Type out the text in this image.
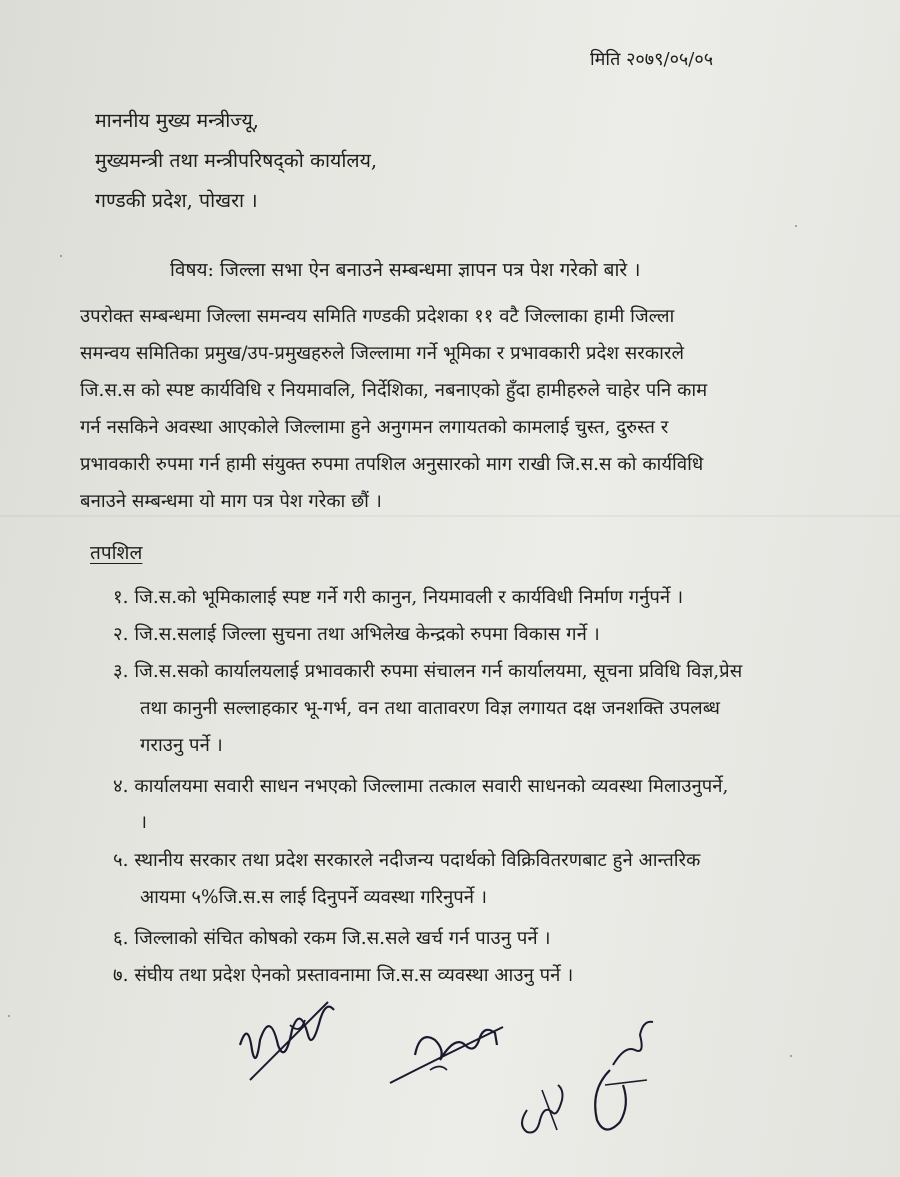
मिति २०७९/०५/०५
माननीय मुख्य मन्त्रीज्यू,
मुख्यमन्त्री तथा मन्त्रीपरिषद्को कार्यालय,
गण्डकी प्रदेश, पोखरा ।
विषय: जिल्ला सभा ऐन बनाउने सम्बन्धमा ज्ञापन पत्र पेश गरेको बारे ।
उपरोक्त सम्बन्धमा जिल्ला समन्वय समिति गण्डकी प्रदेशका ११ वटै जिल्लाका हामी जिल्ला
समन्वय समितिका प्रमुख/उप-प्रमुखहरुले जिल्लामा गर्ने भूमिका र प्रभावकारी प्रदेश सरकारले
जि.स.स को स्पष्ट कार्यविधि र नियमावलि, निर्देशिका, नबनाएको हुँदा हामीहरुले चाहेर पनि काम
गर्न नसकिने अवस्था आएकोले जिल्लामा हुने अनुगमन लगायतको कामलाई चुस्त, दुरुस्त र
प्रभावकारी रुपमा गर्न हामी संयुक्त रुपमा तपशिल अनुसारको माग राखी जि.स.स को कार्यविधि
बनाउने सम्बन्धमा यो माग पत्र पेश गरेका छौं ।
तपशिल
१. जि.स.को भूमिकालाई स्पष्ट गर्ने गरी कानुन, नियमावली र कार्यविधी निर्माण गर्नुपर्ने ।
२. जि.स.सलाई जिल्ला सुचना तथा अभिलेख केन्द्रको रुपमा विकास गर्ने ।
३. जि.स.सको कार्यालयलाई प्रभावकारी रुपमा संचालन गर्न कार्यालयमा, सूचना प्रविधि विज्ञ,प्रेस
तथा कानुनी सल्लाहकार भू-गर्भ, वन तथा वातावरण विज्ञ लगायत दक्ष जनशक्ति उपलब्ध
गराउनु पर्ने ।
४. कार्यालयमा सवारी साधन नभएको जिल्लामा तत्काल सवारी साधनको व्यवस्था मिलाउनुपर्ने,
।
५. स्थानीय सरकार तथा प्रदेश सरकारले नदीजन्य पदार्थको विक्रिवितरणबाट हुने आन्तरिक
आयमा ५%जि.स.स लाई दिनुपर्ने व्यवस्था गरिनुपर्ने ।
६. जिल्लाको संचित कोषको रकम जि.स.सले खर्च गर्न पाउनु पर्ने ।
७. संघीय तथा प्रदेश ऐनको प्रस्तावनामा जि.स.स व्यवस्था आउनु पर्ने ।
